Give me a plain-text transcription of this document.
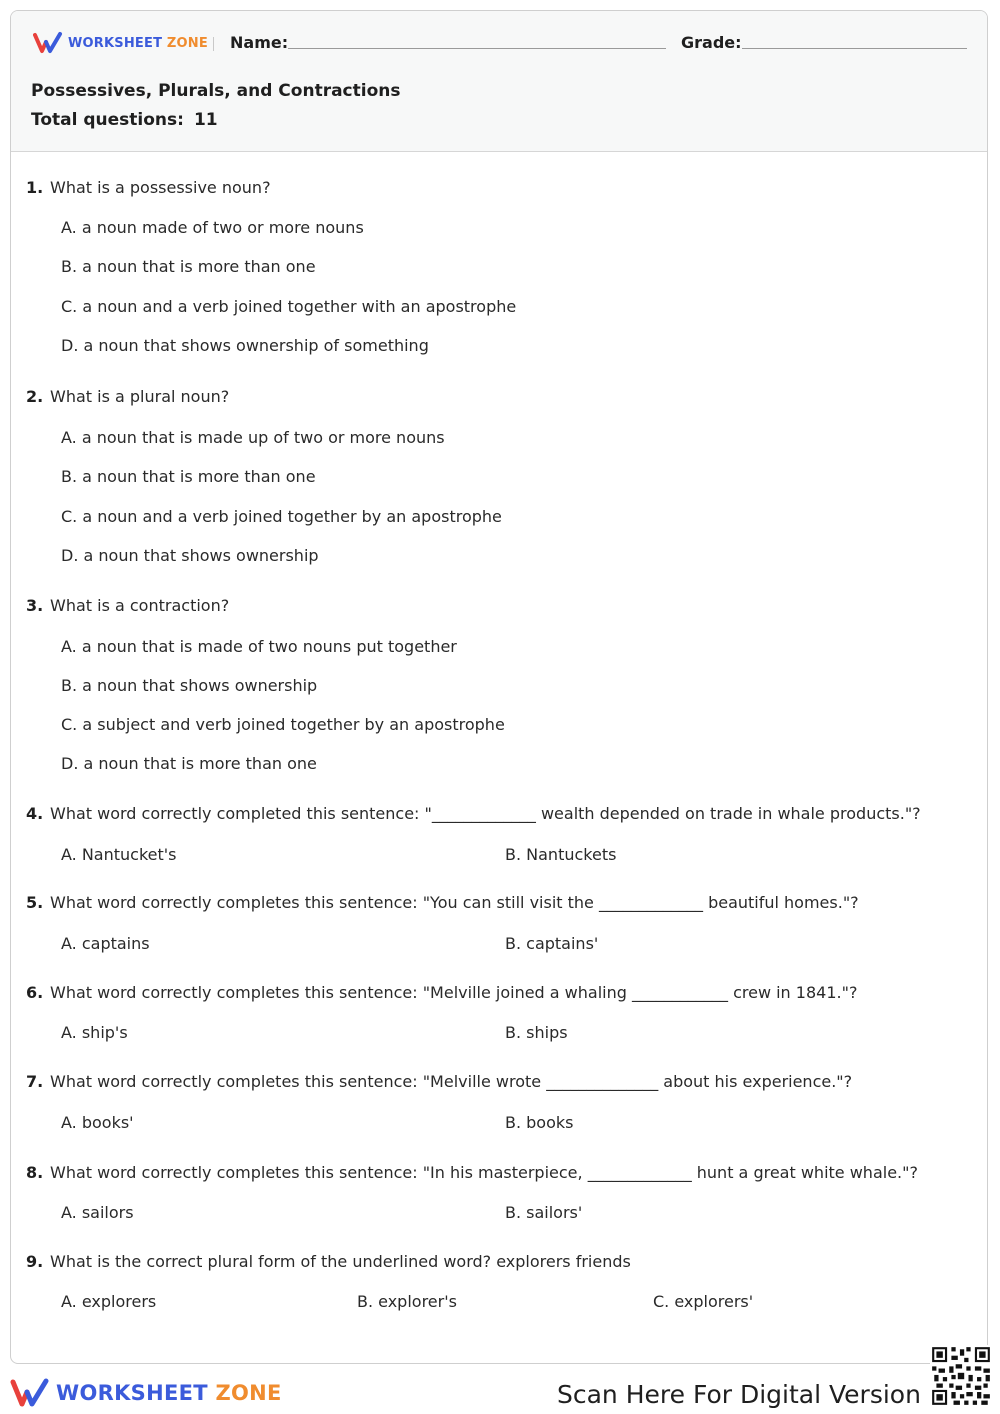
WORKSHEET ZONE Name:	Grade:
Possessives, Plurals, and Contractions
Total questions: 11
1. What is a possessive noun?
A. a noun made of two or more nouns
B. a noun that is more than one
C. a noun and a verb joined together with an apostrophe
D. a noun that shows ownership of something
2. What is a plural noun?
A. a noun that is made up of two or more nouns
B. a noun that is more than one
C. a noun and a verb joined together by an apostrophe
D. a noun that shows ownership
3. What is a contraction?
A. a noun that is made of two nouns put together
B. a noun that shows ownership
C. a subject and verb joined together by an apostrophe
D. a noun that is more than one
4. What word correctly completed this sentence: "_____________ wealth depended on trade in whale products."?
A. Nantucket's	B. Nantuckets
5. What word correctly completes this sentence: "You can still visit the _____________ beautiful homes."?
A. captains	B. captains'
6. What word correctly completes this sentence: "Melville joined a whaling ____________ crew in 1841."?
A. ship's	B. ships
7. What word correctly completes this sentence: "Melville wrote ______________ about his experience."?
A. books'	B. books
8. What word correctly completes this sentence: "In his masterpiece, _____________ hunt a great white whale."?
A. sailors	B. sailors'
9. What is the correct plural form of the underlined word? explorers friends
A. explorers	B. explorer's	C. explorers'
WORKSHEET ZONE	Scan Here For Digital Version
